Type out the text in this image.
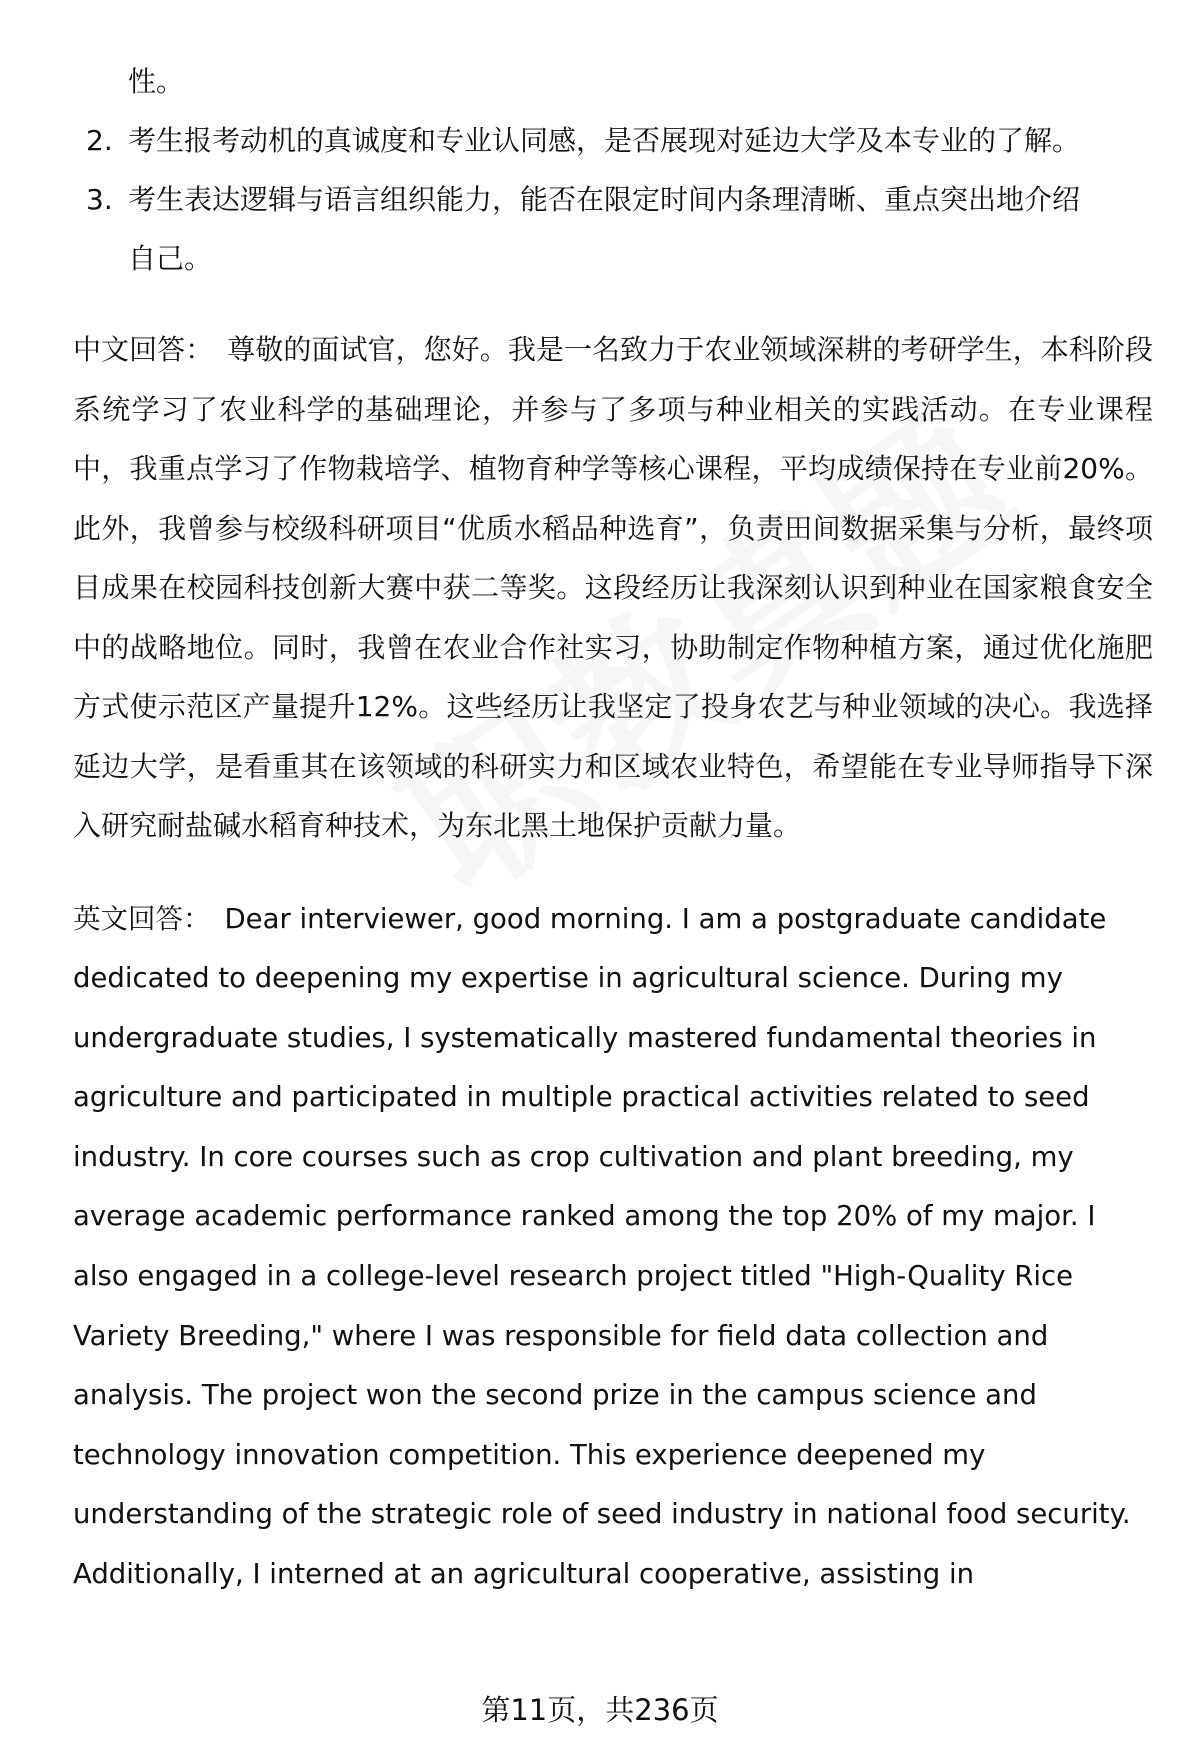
性。
2. 考生报考动机的真诚度和专业认同感，是否展现对延边大学及本专业的了解。
3. 考生表达逻辑与语言组织能力，能否在限定时间内条理清晰、重点突出地介绍
自己。

中文回答： 尊敬的面试官，您好。我是一名致力于农业领域深耕的考研学生，本科阶段系统学习了农业科学的基础理论，并参与了多项与种业相关的实践活动。在专业课程中，我重点学习了作物栽培学、植物育种学等核心课程，平均成绩保持在专业前20%。此外，我曾参与校级科研项目“优质水稻品种选育”，负责田间数据采集与分析，最终项目成果在校园科技创新大赛中获二等奖。这段经历让我深刻认识到种业在国家粮食安全中的战略地位。同时，我曾在农业合作社实习，协助制定作物种植方案，通过优化施肥方式使示范区产量提升12%。这些经历让我坚定了投身农艺与种业领域的决心。我选择延边大学，是看重其在该领域的科研实力和区域农业特色，希望能在专业导师指导下深入研究耐盐碱水稻育种技术，为东北黑土地保护贡献力量。

英文回答： Dear interviewer, good morning. I am a postgraduate candidate dedicated to deepening my expertise in agricultural science. During my undergraduate studies, I systematically mastered fundamental theories in agriculture and participated in multiple practical activities related to seed industry. In core courses such as crop cultivation and plant breeding, my average academic performance ranked among the top 20% of my major. I also engaged in a college-level research project titled "High-Quality Rice Variety Breeding," where I was responsible for field data collection and analysis. The project won the second prize in the campus science and technology innovation competition. This experience deepened my understanding of the strategic role of seed industry in national food security. Additionally, I interned at an agricultural cooperative, assisting in

第11页，共236页
